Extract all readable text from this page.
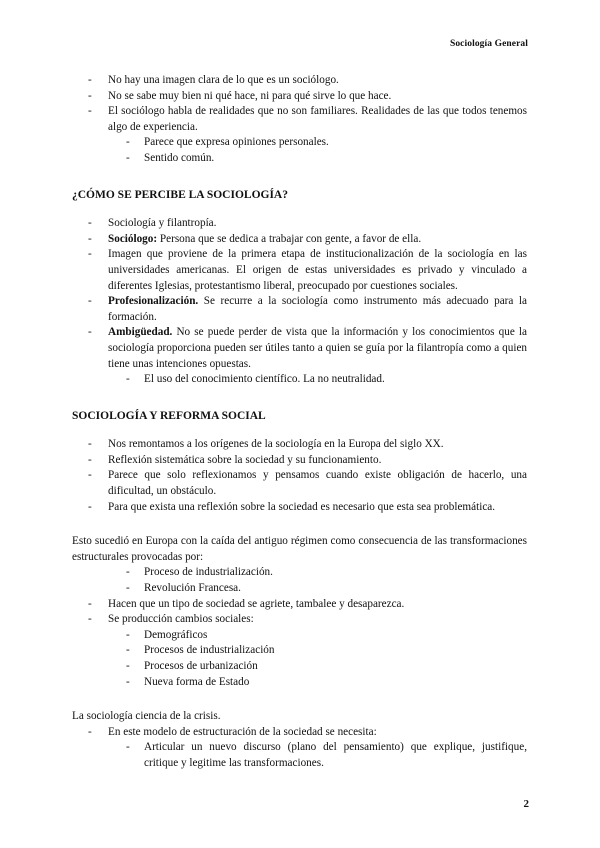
Sociología General
- No hay una imagen clara de lo que es un sociólogo.
- No se sabe muy bien ni qué hace, ni para qué sirve lo que hace.
- El sociólogo habla de realidades que no son familiares. Realidades de las que todos tenemos algo de experiencia.
- Parece que expresa opiniones personales.
- Sentido común.
¿CÓMO SE PERCIBE LA SOCIOLOGÍA?
- Sociología y filantropía.
- Sociólogo: Persona que se dedica a trabajar con gente, a favor de ella.
- Imagen que proviene de la primera etapa de institucionalización de la sociología en las universidades americanas. El origen de estas universidades es privado y vinculado a diferentes Iglesias, protestantismo liberal, preocupado por cuestiones sociales.
- Profesionalización. Se recurre a la sociología como instrumento más adecuado para la formación.
- Ambigüedad. No se puede perder de vista que la información y los conocimientos que la sociología proporciona pueden ser útiles tanto a quien se guía por la filantropía como a quien tiene unas intenciones opuestas.
- El uso del conocimiento científico. La no neutralidad.
SOCIOLOGÍA Y REFORMA SOCIAL
- Nos remontamos a los orígenes de la sociología en la Europa del siglo XX.
- Reflexión sistemática sobre la sociedad y su funcionamiento.
- Parece que solo reflexionamos y pensamos cuando existe obligación de hacerlo, una dificultad, un obstáculo.
- Para que exista una reflexión sobre la sociedad es necesario que esta sea problemática.

Esto sucedió en Europa con la caída del antiguo régimen como consecuencia de las transformaciones estructurales provocadas por:

- Proceso de industrialización.
- Revolución Francesa.
- Hacen que un tipo de sociedad se agriete, tambalee y desaparezca.
- Se producción cambios sociales:
- Demográficos
- Procesos de industrialización
- Procesos de urbanización
- Nueva forma de Estado

La sociología ciencia de la crisis.

- En este modelo de estructuración de la sociedad se necesita:
- Articular un nuevo discurso (plano del pensamiento) que explique, justifique, critique y legitime las transformaciones.
2
